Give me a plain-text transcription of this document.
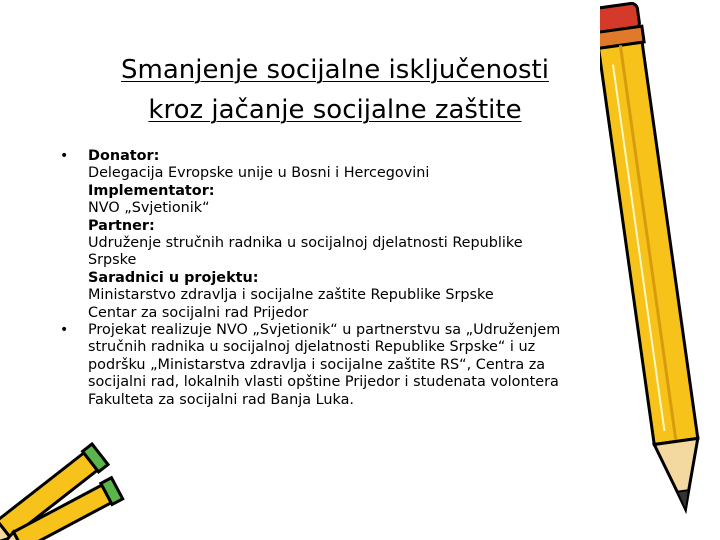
Smanjenje socijalne isključenosti
kroz jačanje socijalne zaštite
• Donator:
Delegacija Evropske unije u Bosni i Hercegovini
Implementator:
NVO „Svjetionik“
Partner:
Udruženje stručnih radnika u socijalnoj djelatnosti Republike
Srpske
Saradnici u projektu:
Ministarstvo zdravlja i socijalne zaštite Republike Srpske
Centar za socijalni rad Prijedor
• Projekat realizuje NVO „Svjetionik“ u partnerstvu sa „Udruženjem
stručnih radnika u socijalnoj djelatnosti Republike Srpske“ i uz
podršku „Ministarstva zdravlja i socijalne zaštite RS“, Centra za
socijalni rad, lokalnih vlasti opštine Prijedor i studenata volontera
Fakulteta za socijalni rad Banja Luka.
